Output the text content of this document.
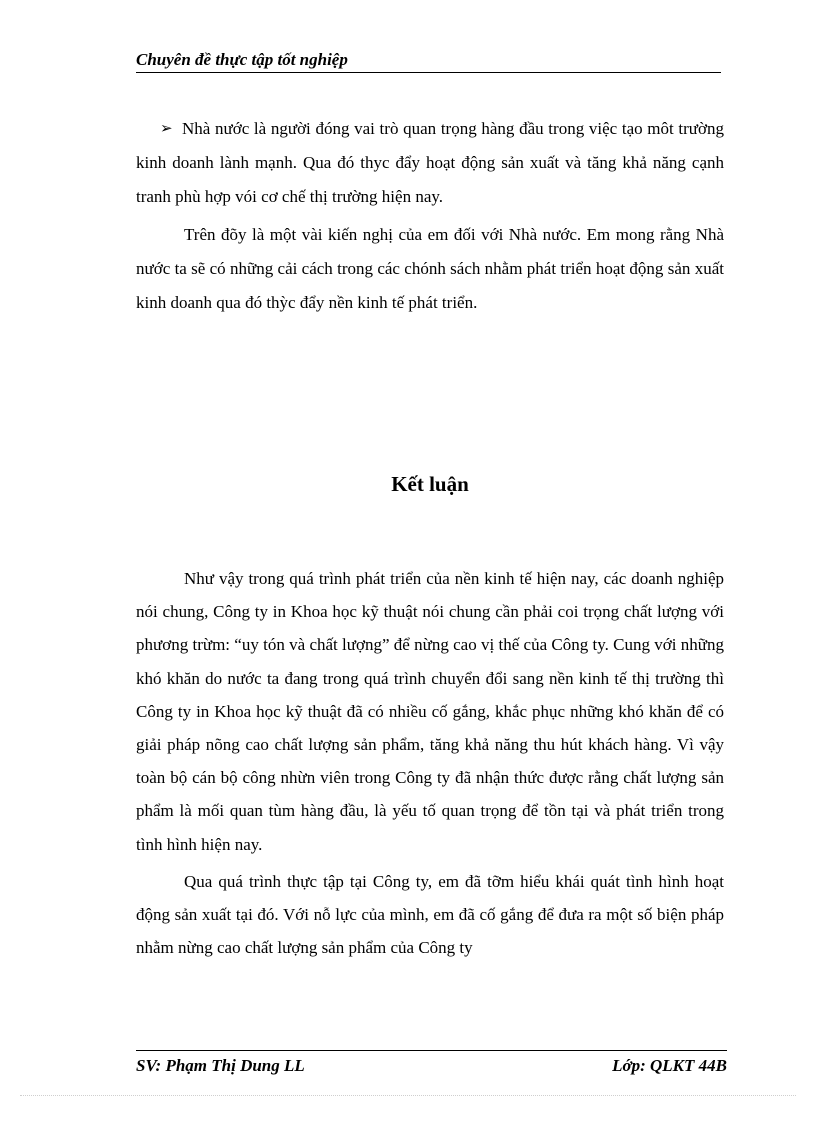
Chuyên đề thực tập tốt nghiệp

➢ Nhà nước là người đóng vai trò quan trọng hàng đầu trong việc tạo môt trường kinh doanh lành mạnh. Qua đó thyc đẩy hoạt động sản xuất và tăng khả năng cạnh tranh phù hợp vói cơ chế thị trường hiện nay.

Trên đõy là một vài kiến nghị của em đối với Nhà nước. Em mong rằng Nhà nước ta sẽ có những cải cách trong các chónh sách nhằm phát triển hoạt động sản xuất kinh doanh qua đó thỳc đẩy nền kinh tế phát triển.

Kết luận

Như vậy trong quá trình phát triển của nền kinh tế hiện nay, các doanh nghiệp nói chung, Công ty in Khoa học kỹ thuật nói chung cần phải coi trọng chất lượng với phương trừm: “uy tón và chất lượng” để nừng cao vị thế của Công ty. Cung với những khó khăn do nước ta đang trong quá trình chuyển đổi sang nền kinh tế thị trường thì Công ty in Khoa học kỹ thuật đã có nhiều cố gắng, khắc phục những khó khăn để có giải pháp nõng cao chất lượng sản phẩm, tăng khả năng thu hút khách hàng. Vì vậy toàn bộ cán bộ công nhừn viên trong Công ty đã nhận thức được rằng chất lượng sản phẩm là mối quan tùm hàng đầu, là yếu tố quan trọng để tồn tại và phát triển trong tình hình hiện nay.

Qua quá trình thực tập tại Công ty, em đã tỡm hiểu khái quát tình hình hoạt động sản xuất tại đó. Với nỗ lực của mình, em đã cố gắng để đưa ra một số biện pháp nhằm nừng cao chất lượng sản phẩm của Công ty

SV: Phạm Thị Dung LL	Lớp: QLKT 44B
